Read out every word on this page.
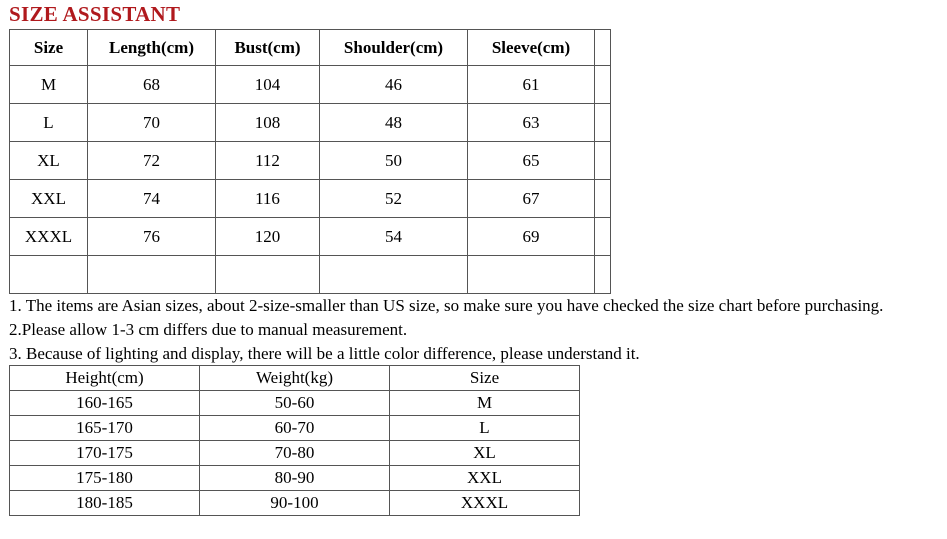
SIZE ASSISTANT
Size	Length(cm)	Bust(cm)	Shoulder(cm)	Sleeve(cm)	
M	68	104	46	61	
L	70	108	48	63	
XL	72	112	50	65	
XXL	74	116	52	67	
XXXL	76	120	54	69	

1. The items are Asian sizes, about 2-size-smaller than US size, so make sure you have checked the size chart before purchasing.
2.Please allow 1-3 cm differs due to manual measurement.
3. Because of lighting and display, there will be a little color difference, please understand it.
Height(cm)	Weight(kg)	Size
160-165	50-60	M
165-170	60-70	L
170-175	70-80	XL
175-180	80-90	XXL
180-185	90-100	XXXL
